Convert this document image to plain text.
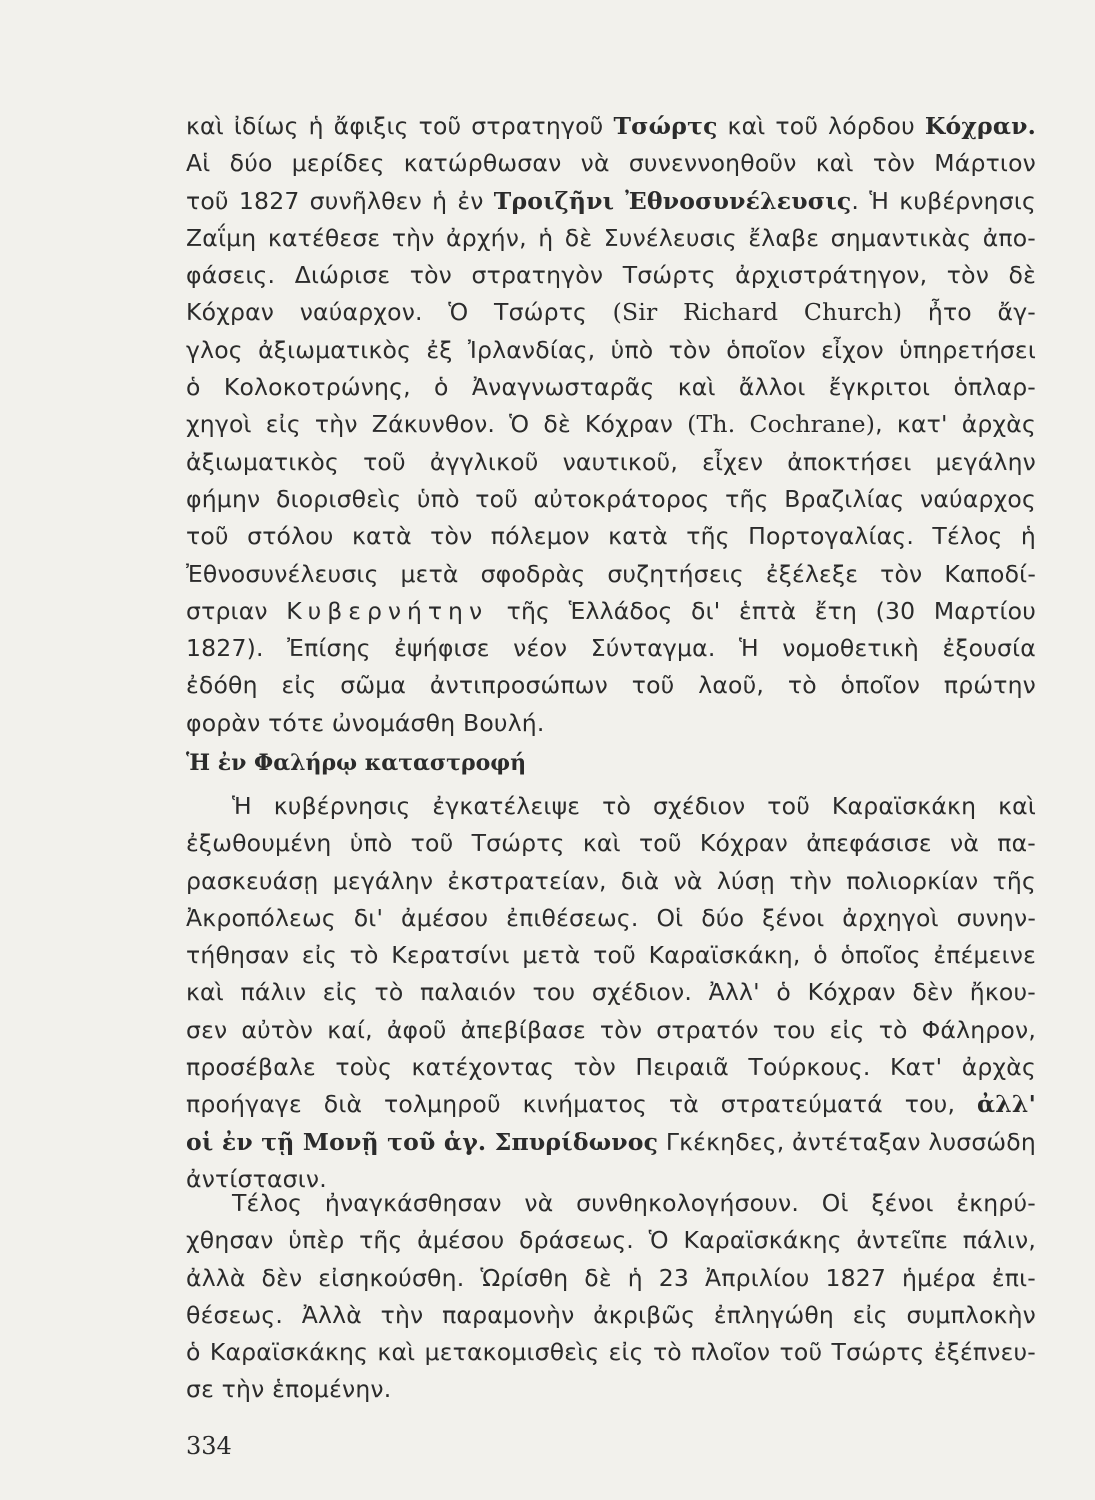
καὶ ἰδίως ἡ ἄφιξις τοῦ στρατηγοῦ Τσώρτς καὶ τοῦ λόρδου Κόχραν.
Αἱ δύο μερίδες κατώρθωσαν νὰ συνεννοηθοῦν καὶ τὸν Μάρτιον
τοῦ 1827 συνῆλθεν ἡ ἐν Τροιζῆνι Ἐθνοσυνέλευσις. Ἡ κυβέρνησις
Ζαΐμη κατέθεσε τὴν ἀρχήν, ἡ δὲ Συνέλευσις ἔλαβε σημαντικὰς ἀπο-
φάσεις. Διώρισε τὸν στρατηγὸν Τσώρτς ἀρχιστράτηγον, τὸν δὲ
Κόχραν ναύαρχον. Ὁ Τσώρτς (Sir Richard Church) ἦτο ἄγ-
γλος ἀξιωματικὸς ἐξ Ἰρλανδίας, ὑπὸ τὸν ὁποῖον εἶχον ὑπηρετήσει
ὁ Κολοκοτρώνης, ὁ Ἀναγνωσταρᾶς καὶ ἄλλοι ἔγκριτοι ὁπλαρ-
χηγοὶ εἰς τὴν Ζάκυνθον. Ὁ δὲ Κόχραν (Th. Cochrane), κατ' ἀρχὰς
ἀξιωματικὸς τοῦ ἀγγλικοῦ ναυτικοῦ, εἶχεν ἀποκτήσει μεγάλην
φήμην διορισθεὶς ὑπὸ τοῦ αὐτοκράτορος τῆς Βραζιλίας ναύαρχος
τοῦ στόλου κατὰ τὸν πόλεμον κατὰ τῆς Πορτογαλίας. Τέλος ἡ
Ἐθνοσυνέλευσις μετὰ σφοδρὰς συζητήσεις ἐξέλεξε τὸν Καποδί-
στριαν Κυβερνήτην τῆς Ἑλλάδος δι' ἑπτὰ ἔτη (30 Μαρτίου
1827). Ἐπίσης ἐψήφισε νέον Σύνταγμα. Ἡ νομοθετικὴ ἐξουσία
ἐδόθη εἰς σῶμα ἀντιπροσώπων τοῦ λαοῦ, τὸ ὁποῖον πρώτην
φορὰν τότε ὠνομάσθη Βουλή.
Ἡ ἐν Φαλήρῳ καταστροφή
Ἡ κυβέρνησις ἐγκατέλειψε τὸ σχέδιον τοῦ Καραϊσκάκη καὶ
ἐξωθουμένη ὑπὸ τοῦ Τσώρτς καὶ τοῦ Κόχραν ἀπεφάσισε νὰ πα-
ρασκευάσῃ μεγάλην ἐκστρατείαν, διὰ νὰ λύσῃ τὴν πολιορκίαν τῆς
Ἀκροπόλεως δι' ἀμέσου ἐπιθέσεως. Οἱ δύο ξένοι ἀρχηγοὶ συνην-
τήθησαν εἰς τὸ Κερατσίνι μετὰ τοῦ Καραϊσκάκη, ὁ ὁποῖος ἐπέμεινε
καὶ πάλιν εἰς τὸ παλαιόν του σχέδιον. Ἀλλ' ὁ Κόχραν δὲν ἤκου-
σεν αὐτὸν καί, ἀφοῦ ἀπεβίβασε τὸν στρατόν του εἰς τὸ Φάληρον,
προσέβαλε τοὺς κατέχοντας τὸν Πειραιᾶ Τούρκους. Κατ' ἀρχὰς
προήγαγε διὰ τολμηροῦ κινήματος τὰ στρατεύματά του, ἀλλ'
οἱ ἐν τῇ Μονῇ τοῦ ἁγ. Σπυρίδωνος Γκέκηδες, ἀντέταξαν λυσσώδη
ἀντίστασιν.
Τέλος ἠναγκάσθησαν νὰ συνθηκολογήσουν. Οἱ ξένοι ἐκηρύ-
χθησαν ὑπὲρ τῆς ἀμέσου δράσεως. Ὁ Καραϊσκάκης ἀντεῖπε πάλιν,
ἀλλὰ δὲν εἰσηκούσθη. Ὡρίσθη δὲ ἡ 23 Ἀπριλίου 1827 ἡμέρα ἐπι-
θέσεως. Ἀλλὰ τὴν παραμονὴν ἀκριβῶς ἐπληγώθη εἰς συμπλοκὴν
ὁ Καραϊσκάκης καὶ μετακομισθεὶς εἰς τὸ πλοῖον τοῦ Τσώρτς ἐξέπνευ-
σε τὴν ἑπομένην.
334
